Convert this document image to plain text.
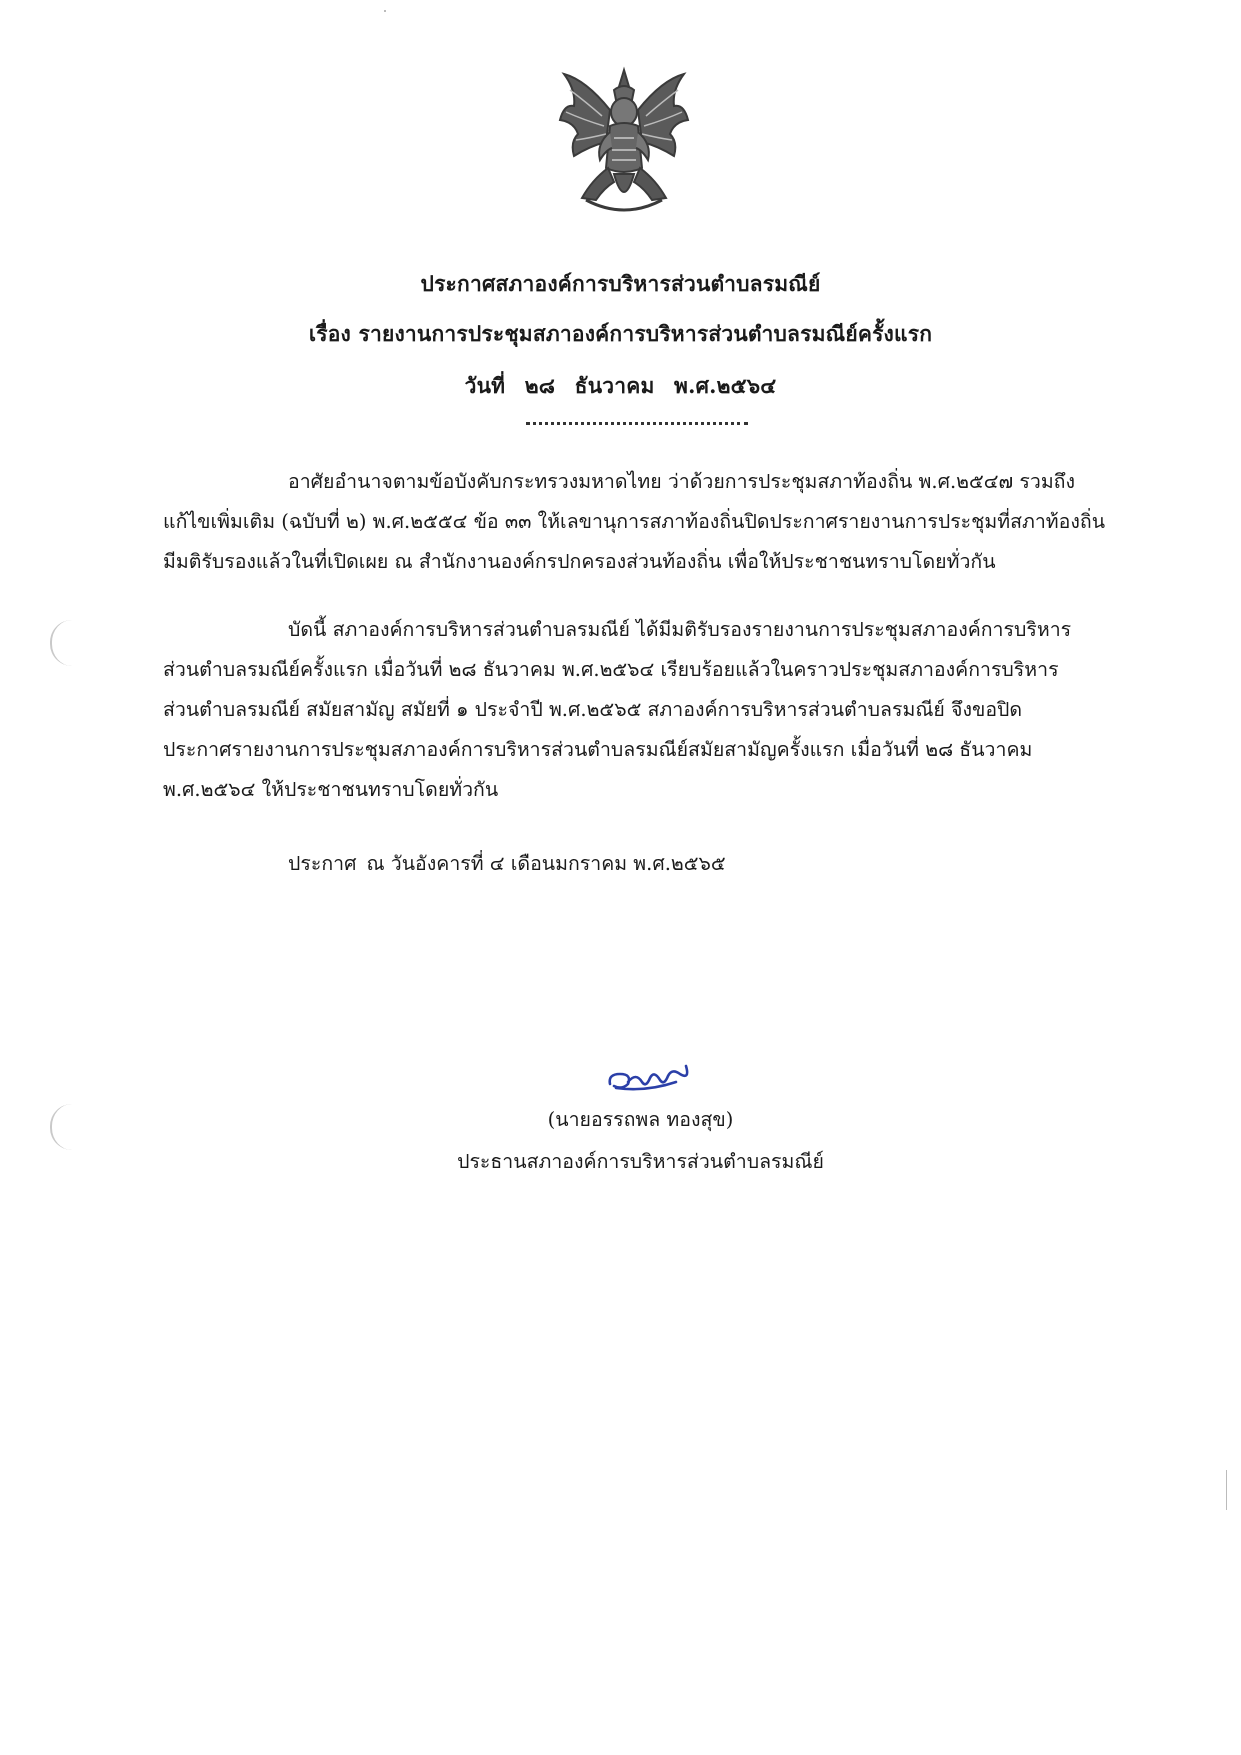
ประกาศสภาองค์การบริหารส่วนตำบลรมณีย์
เรื่อง รายงานการประชุมสภาองค์การบริหารส่วนตำบลรมณีย์ครั้งแรก
วันที่ ๒๘ ธันวาคม พ.ศ.๒๕๖๔
อาศัยอำนาจตามข้อบังคับกระทรวงมหาดไทย ว่าด้วยการประชุมสภาท้องถิ่น พ.ศ.๒๕๔๗ รวมถึง
แก้ไขเพิ่มเติม (ฉบับที่ ๒) พ.ศ.๒๕๕๔ ข้อ ๓๓ ให้เลขานุการสภาท้องถิ่นปิดประกาศรายงานการประชุมที่สภาท้องถิ่น
มีมติรับรองแล้วในที่เปิดเผย ณ สำนักงานองค์กรปกครองส่วนท้องถิ่น เพื่อให้ประชาชนทราบโดยทั่วกัน
บัดนี้ สภาองค์การบริหารส่วนตำบลรมณีย์ ได้มีมติรับรองรายงานการประชุมสภาองค์การบริหาร
ส่วนตำบลรมณีย์ครั้งแรก เมื่อวันที่ ๒๘ ธันวาคม พ.ศ.๒๕๖๔ เรียบร้อยแล้วในคราวประชุมสภาองค์การบริหาร
ส่วนตำบลรมณีย์ สมัยสามัญ สมัยที่ ๑ ประจำปี พ.ศ.๒๕๖๕ สภาองค์การบริหารส่วนตำบลรมณีย์ จึงขอปิด
ประกาศรายงานการประชุมสภาองค์การบริหารส่วนตำบลรมณีย์สมัยสามัญครั้งแรก เมื่อวันที่ ๒๘ ธันวาคม
พ.ศ.๒๕๖๔ ให้ประชาชนทราบโดยทั่วกัน
ประกาศ ณ วันอังคารที่ ๔ เดือนมกราคม พ.ศ.๒๕๖๕
(นายอรรถพล ทองสุข)
ประธานสภาองค์การบริหารส่วนตำบลรมณีย์
